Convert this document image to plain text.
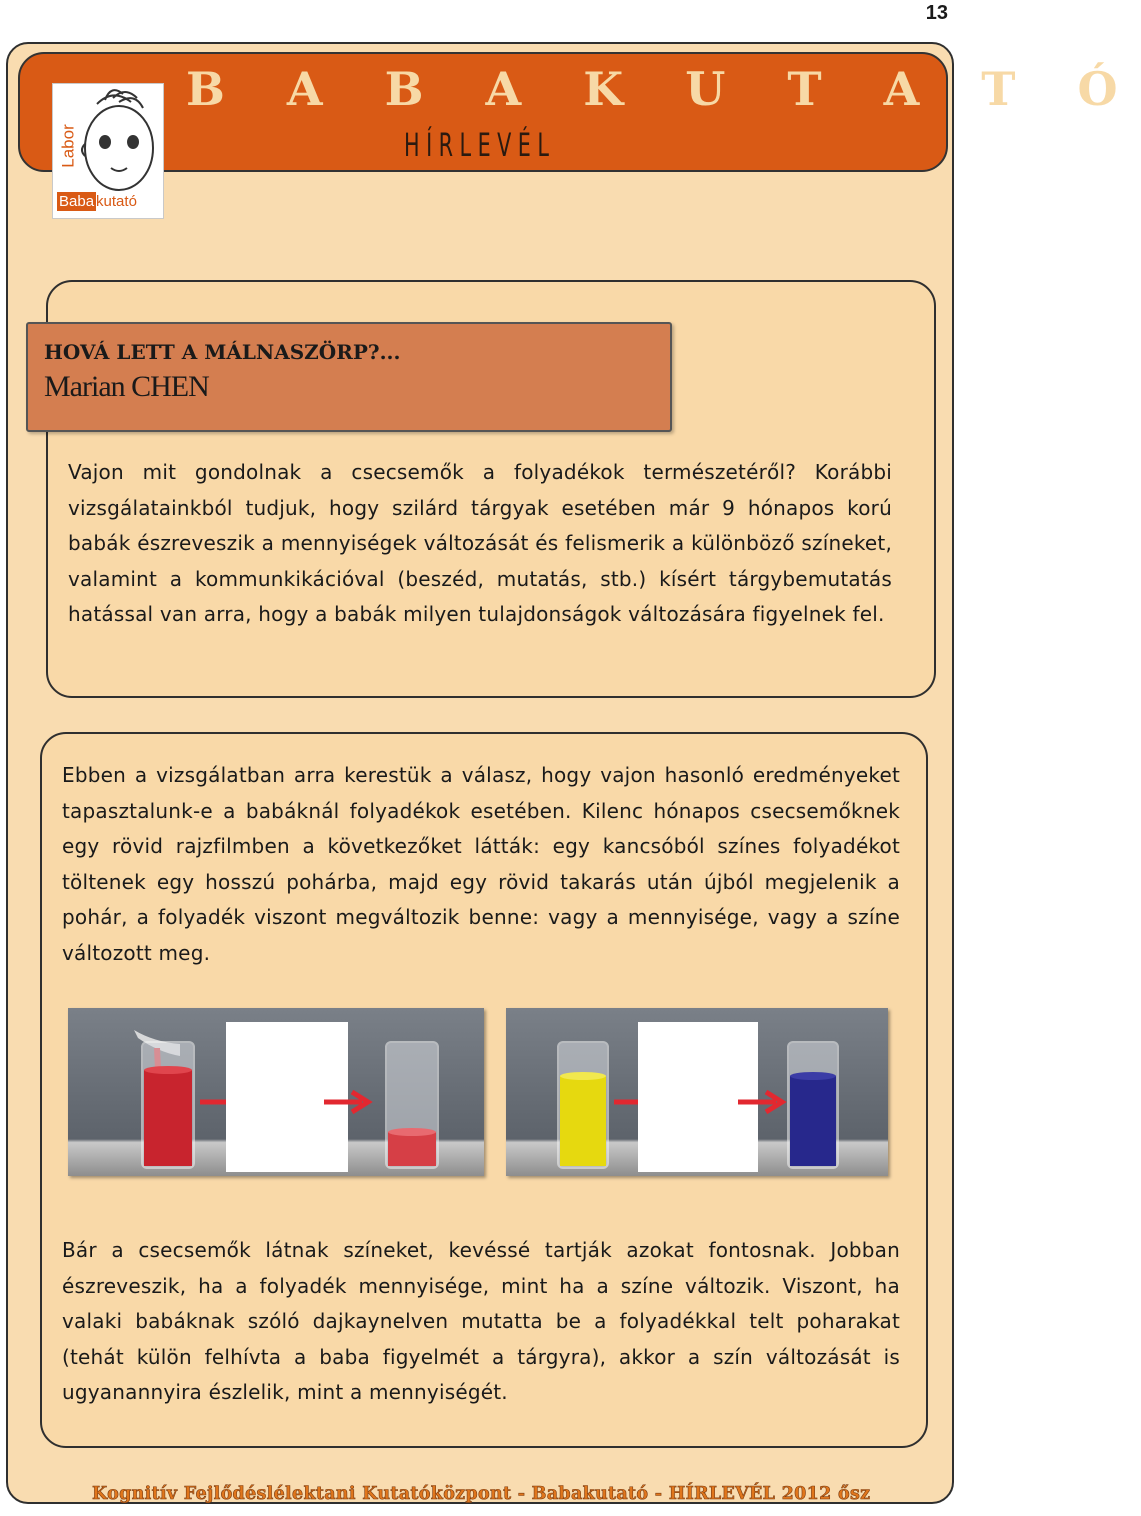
13
Labor
Baba kutató
B A B A K U T A T Ó
HÍRLEVÉL
HOVÁ LETT A MÁLNASZÖRP?...
Marian CHEN
Vajon mit gondolnak a csecsemők a folyadékok természetéről? Korábbi vizsgálatainkból tudjuk, hogy szilárd tárgyak esetében már 9 hónapos korú babák észreveszik a mennyiségek változását és felismerik a különböző színeket, valamint a kommunkikációval (beszéd, mutatás, stb.) kísért tárgybemutatás hatással van arra, hogy a babák milyen tulajdonságok változására figyelnek fel.
Ebben a vizsgálatban arra kerestük a válasz, hogy vajon hasonló eredményeket tapasztalunk-e a babáknál folyadékok esetében. Kilenc hónapos csecsemőknek egy rövid rajzfilmben a következőket látták: egy kancsóból színes folyadékot töltenek egy hosszú pohárba, majd egy rövid takarás után újból megjelenik a pohár, a folyadék viszont megváltozik benne: vagy a mennyisége, vagy a színe változott meg.
Bár a csecsemők látnak színeket, kevéssé tartják azokat fontosnak. Jobban észreveszik, ha a folyadék mennyisége, mint ha a színe változik. Viszont, ha valaki babáknak szóló dajkaynelven mutatta be a folyadékkal telt poharakat (tehát külön felhívta a baba figyelmét a tárgyra), akkor a szín változását is ugyanannyira észlelik, mint a mennyiségét.
Kognitív Fejlődéslélektani Kutatóközpont - Babakutató - HÍRLEVÉL 2012 ősz
